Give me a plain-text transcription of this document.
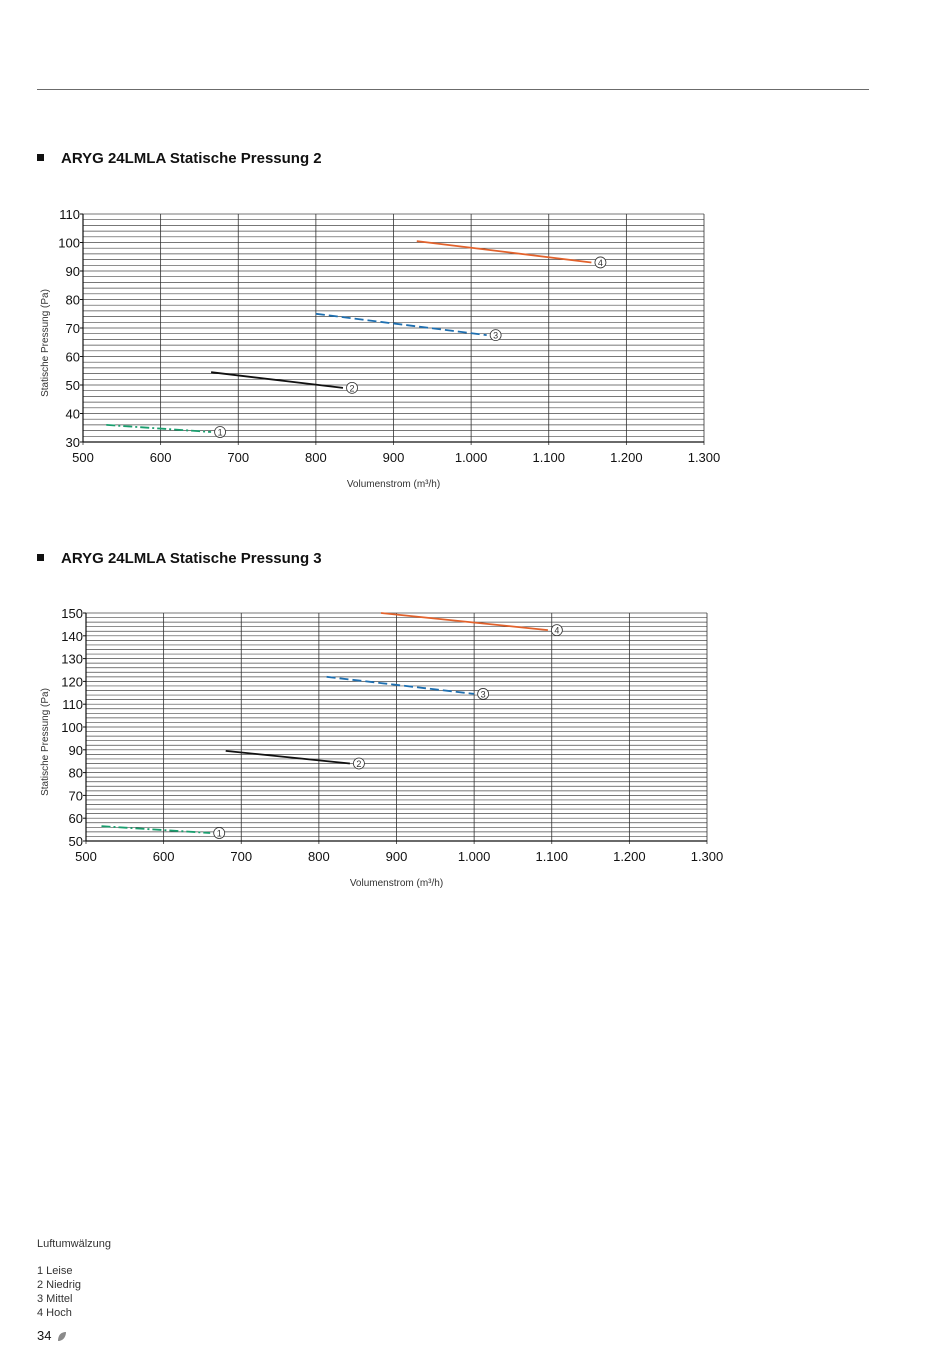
ARYG 24LMLA Statische Pressung 2
ARYG 24LMLA Statische Pressung 3
30
40
50
60
70
80
90
100
110
500	600	700	800	900	1.000	1.100	1.200	1.300
Volumenstrom (m³/h)
Statische Pressung (Pa)
1
2
3
4
50
60
70
80
90
100
110
120
130
140
150
500	600	700	800	900	1.000	1.100	1.200	1.300
Volumenstrom (m³/h)
Statische Pressung (Pa)
1
2
3
4
Luftumwälzung
1 Leise
2 Niedrig
3 Mittel
4 Hoch
34
